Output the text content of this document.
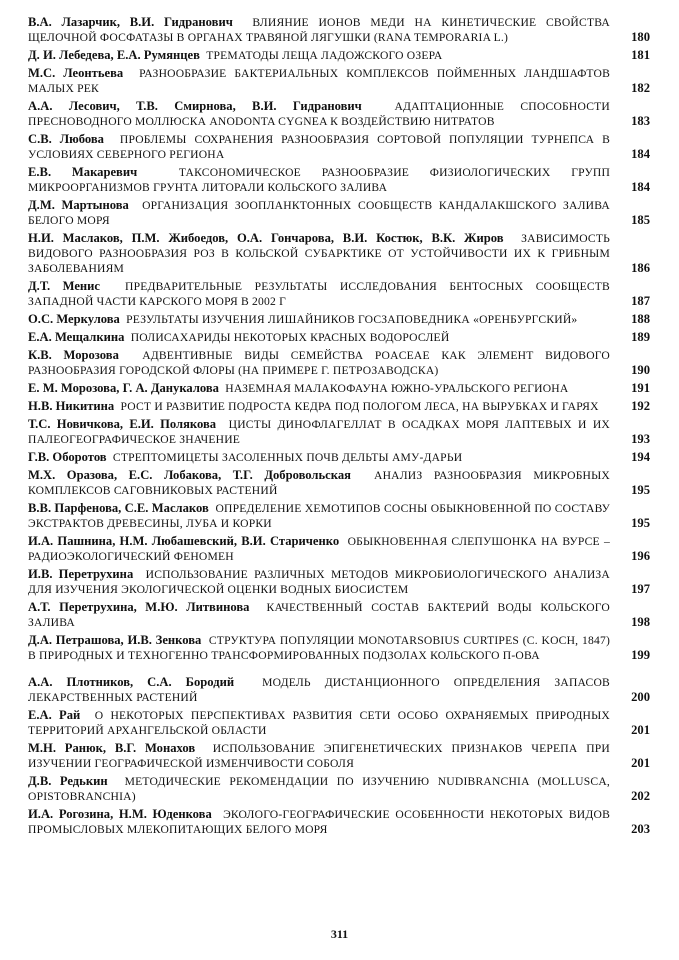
В.А. Лазарчик, В.И. Гидранович ВЛИЯНИЕ ИОНОВ МЕДИ НА КИНЕТИЧЕСКИЕ СВОЙСТВА ЩЕЛОЧНОЙ ФОСФАТАЗЫ В ОРГАНАХ ТРАВЯНОЙ ЛЯГУШКИ (RANA TEMPORARIA L.)	180
Д. И. Лебедева, Е.А. Румянцев ТРЕМАТОДЫ ЛЕЩА ЛАДОЖСКОГО ОЗЕРА	181
М.С. Леонтьева РАЗНООБРАЗИЕ БАКТЕРИАЛЬНЫХ КОМПЛЕКСОВ ПОЙМЕННЫХ ЛАНДШАФТОВ МАЛЫХ РЕК	182
А.А. Лесович, Т.В. Смирнова, В.И. Гидранович	АДАПТАЦИОННЫЕ СПОСОБНОСТИ ПРЕСНОВОДНОГО МОЛЛЮСКА ANODONTA CYGNEA К ВОЗДЕЙСТВИЮ НИТРАТОВ	183
С.В. Любова ПРОБЛЕМЫ СОХРАНЕНИЯ РАЗНООБРАЗИЯ СОРТОВОЙ ПОПУЛЯЦИИ ТУРНЕПСА В УСЛОВИЯХ СЕВЕРНОГО РЕГИОНА	184
Е.В. Макаревич	ТАКСОНОМИЧЕСКОЕ РАЗНООБРАЗИЕ ФИЗИОЛОГИЧЕСКИХ ГРУПП МИКРООРГАНИЗМОВ ГРУНТА ЛИТОРАЛИ КОЛЬСКОГО ЗАЛИВА	184
Д.М. Мартынова ОРГАНИЗАЦИЯ ЗООПЛАНКТОННЫХ СООБЩЕСТВ КАНДАЛАКШСКОГО ЗАЛИВА БЕЛОГО МОРЯ	185
Н.И. Маслаков, П.М. Жибоедов, О.А. Гончарова, В.И. Костюк, В.К. Жиров ЗАВИСИМОСТЬ ВИДОВОГО РАЗНООБРАЗИЯ РОЗ В КОЛЬСКОЙ СУБАРКТИКЕ ОТ УСТОЙЧИВОСТИ ИХ К ГРИБНЫМ ЗАБОЛЕВАНИЯМ	186
Д.Т. Менис ПРЕДВАРИТЕЛЬНЫЕ РЕЗУЛЬТАТЫ ИССЛЕДОВАНИЯ БЕНТОСНЫХ СООБЩЕСТВ ЗАПАДНОЙ ЧАСТИ КАРСКОГО МОРЯ В 2002 Г	187
О.С. Меркулова РЕЗУЛЬТАТЫ ИЗУЧЕНИЯ ЛИШАЙНИКОВ ГОСЗАПОВЕДНИКА «ОРЕНБУРГСКИЙ»	188
Е.А. Мещалкина ПОЛИСАХАРИДЫ НЕКОТОРЫХ КРАСНЫХ ВОДОРОСЛЕЙ	189
К.В. Морозова АДВЕНТИВНЫЕ ВИДЫ СЕМЕЙСТВА POACEAE КАК ЭЛЕМЕНТ ВИДОВОГО РАЗНООБРАЗИЯ ГОРОДСКОЙ ФЛОРЫ (НА ПРИМЕРЕ Г. ПЕТРОЗАВОДСКА)	190
Е. М. Морозова, Г. А. Данукалова НАЗЕМНАЯ МАЛАКОФАУНА ЮЖНО-УРАЛЬСКОГО РЕГИОНА	191
Н.В. Никитина РОСТ И РАЗВИТИЕ ПОДРОСТА КЕДРА ПОД ПОЛОГОМ ЛЕСА, НА ВЫРУБКАХ И ГАРЯХ	192
Т.С. Новичкова, Е.И. Полякова ЦИСТЫ ДИНОФЛАГЕЛЛАТ В ОСАДКАХ МОРЯ ЛАПТЕВЫХ И ИХ ПАЛЕОГЕОГРАФИЧЕСКОЕ ЗНАЧЕНИЕ	193
Г.В. Оборотов СТРЕПТОМИЦЕТЫ ЗАСОЛЕННЫХ ПОЧВ ДЕЛЬТЫ АМУ-ДАРЬИ	194
М.Х. Оразова, Е.С. Лобакова, Т.Г. Добровольская АНАЛИЗ РАЗНООБРАЗИЯ МИКРОБНЫХ КОМПЛЕКСОВ САГОВНИКОВЫХ РАСТЕНИЙ	195
В.В. Парфенова, С.Е. Маслаков ОПРЕДЕЛЕНИЕ ХЕМОТИПОВ СОСНЫ ОБЫКНОВЕННОЙ ПО СОСТАВУ ЭКСТРАКТОВ ДРЕВЕСИНЫ, ЛУБА И КОРКИ	195
И.А. Пашнина, Н.М. Любашевский, В.И. Стариченко ОБЫКНОВЕННАЯ СЛЕПУШОНКА НА ВУРСЕ – РАДИОЭКОЛОГИЧЕСКИЙ ФЕНОМЕН	196
И.В. Перетрухина ИСПОЛЬЗОВАНИЕ РАЗЛИЧНЫХ МЕТОДОВ МИКРОБИОЛОГИЧЕСКОГО АНАЛИЗА ДЛЯ ИЗУЧЕНИЯ ЭКОЛОГИЧЕСКОЙ ОЦЕНКИ ВОДНЫХ БИОСИСТЕМ	197
А.Т. Перетрухина, М.Ю. Литвинова КАЧЕСТВЕННЫЙ СОСТАВ БАКТЕРИЙ ВОДЫ КОЛЬСКОГО ЗАЛИВА	198
Д.А. Петрашова, И.В. Зенкова СТРУКТУРА ПОПУЛЯЦИИ MONOTARSOBIUS CURTIPES (C. KOCH, 1847) В ПРИРОДНЫХ И ТЕХНОГЕННО ТРАНСФОРМИРОВАННЫХ ПОДЗОЛАХ КОЛЬСКОГО П-ОВА	199
А.А. Плотников, С.А. Бородий МОДЕЛЬ ДИСТАНЦИОННОГО ОПРЕДЕЛЕНИЯ ЗАПАСОВ ЛЕКАРСТВЕННЫХ РАСТЕНИЙ	200
Е.А. Рай О НЕКОТОРЫХ ПЕРСПЕКТИВАХ РАЗВИТИЯ СЕТИ ОСОБО ОХРАНЯЕМЫХ ПРИРОДНЫХ ТЕРРИТОРИЙ АРХАНГЕЛЬСКОЙ ОБЛАСТИ	201
М.Н. Ранюк, В.Г. Монахов ИСПОЛЬЗОВАНИЕ ЭПИГЕНЕТИЧЕСКИХ ПРИЗНАКОВ ЧЕРЕПА ПРИ ИЗУЧЕНИИ ГЕОГРАФИЧЕСКОЙ ИЗМЕНЧИВОСТИ СОБОЛЯ	201
Д.В. Редькин МЕТОДИЧЕСКИЕ РЕКОМЕНДАЦИИ ПО ИЗУЧЕНИЮ NUDIBRANCHIA (MOLLUSCA, OPISTOBRANCHIA)	202
И.А. Рогозина, Н.М. Юденкова ЭКОЛОГО-ГЕОГРАФИЧЕСКИЕ ОСОБЕННОСТИ НЕКОТОРЫХ ВИДОВ ПРОМЫСЛОВЫХ МЛЕКОПИТАЮЩИХ БЕЛОГО МОРЯ	203
311
